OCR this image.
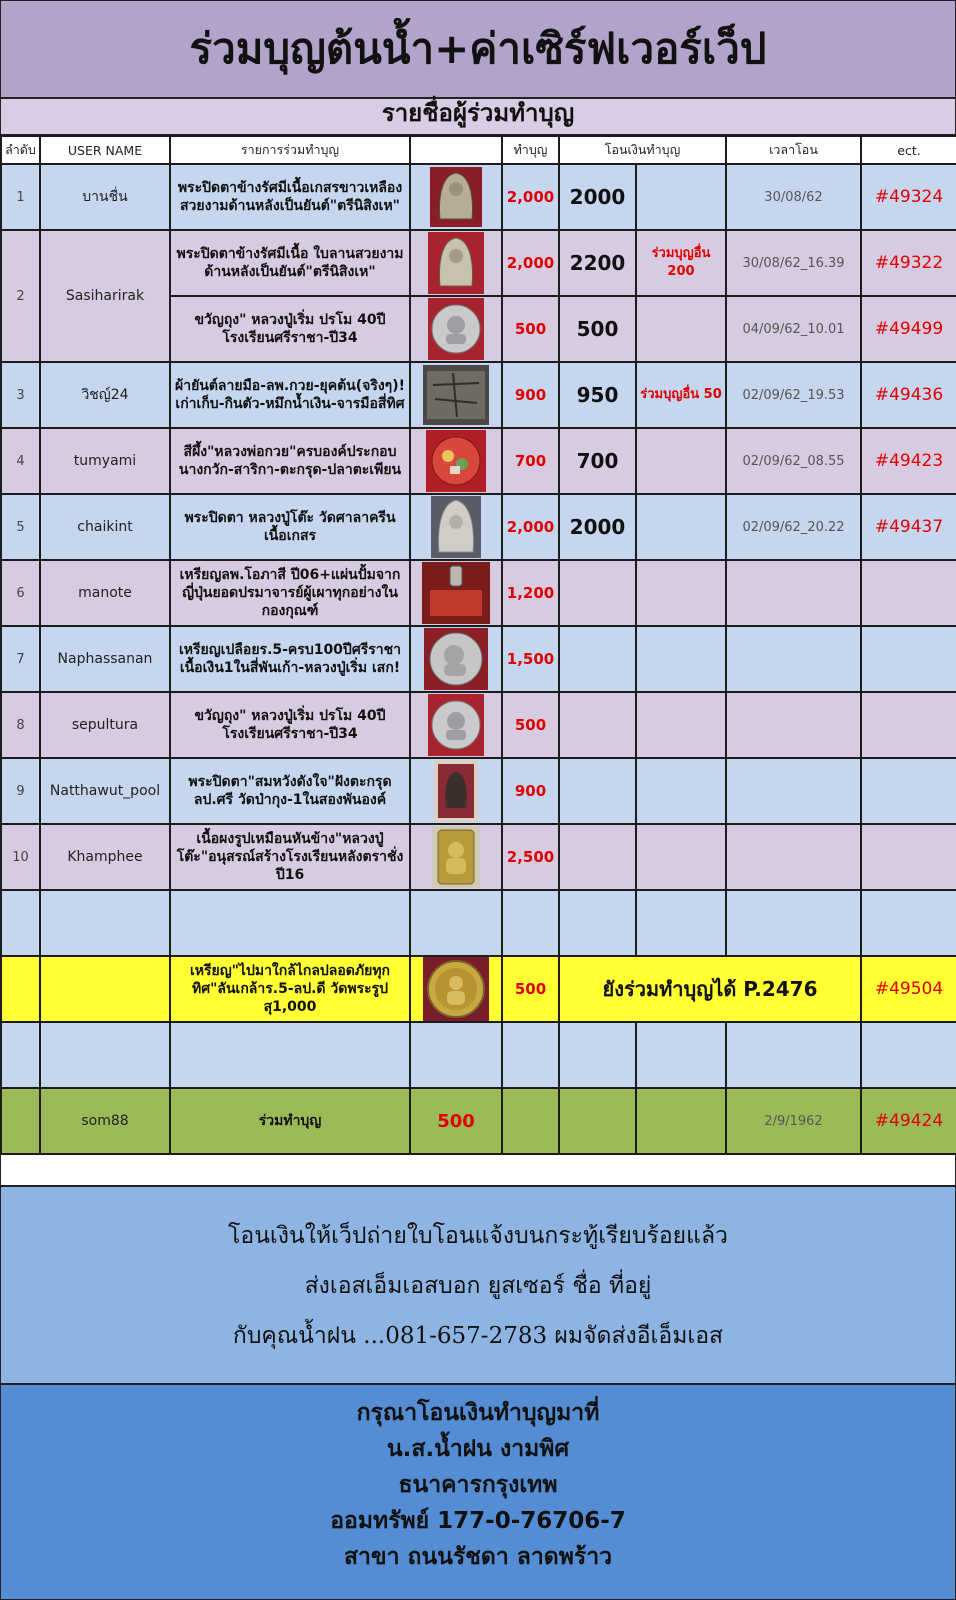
ร่วมบุญต้นน้ำ+ค่าเซิร์ฟเวอร์เว็ป
รายชื่อผู้ร่วมทำบุญ
ลำดับ	USER NAME	รายการร่วมทำบุญ		ทำบุญ	โอนเงินทำบุญ		เวลาโอน	ect.
1	บานชื่น	พระปิดตาข้างรัศมีเนื้อเกสรขาวเหลืองสวยงามด้านหลังเป็นยันต์"ตรีนิสิงเห"		2,000	2000		30/08/62	#49324
2	Sasiharirak	พระปิดตาข้างรัศมีเนื้อ ใบลานสวยงามด้านหลังเป็นยันต์"ตรีนิสิงเห"		2,000	2200	ร่วมบุญอื่น 200	30/08/62_16.39	#49322
		ขวัญถุง" หลวงปู่เริ่ม ปรโม 40ปีโรงเรียนศรีราชา-ปี34		500	500		04/09/62_10.01	#49499
3	วิชญ์24	ผ้ายันต์ลายมือ-ลพ.กวย-ยุคต้น(จริงๆ)!เก่าเก็บ-กินตัว-หมึกน้ำเงิน-จารมือสี่ทิศ		900	950	ร่วมบุญอื่น 50	02/09/62_19.53	#49436
4	tumyami	สีผึ้ง"หลวงพ่อกวย"ครบองค์ประกอบนางกวัก-สาริกา-ตะกรุด-ปลาตะเพียน		700	700		02/09/62_08.55	#49423
5	chaikint	พระปิดตา หลวงปู่โต๊ะ วัดศาลาครีน เนื้อเกสร		2,000	2000		02/09/62_20.22	#49437
6	manote	เหรียญลพ.โอภาสี ปี06+แผ่นปั้มจากญี่ปุ่นยอดปรมาจารย์ผู้เผาทุกอย่างในกองกุณฑ์		1,200				
7	Naphassanan	เหรียญเปลือยร.5-ครบ100ปีศรีราชาเนื้อเงิน1ในสี่พันเก้า-หลวงปู่เริ่ม เสก!		1,500				
8	sepultura	ขวัญถุง" หลวงปู่เริ่ม ปรโม 40ปีโรงเรียนศรีราชา-ปี34		500				
9	Natthawut_pool	พระปิดตา"สมหวังดังใจ"ฝังตะกรุด ลป.ศรี วัดป่ากุง-1ในสองพันองค์		900				
10	Khamphee	เนื้อผงรูปเหมือนหันข้าง"หลวงปู่โต๊ะ"อนุสรณ์สร้างโรงเรียนหลังตราชั่งปี16		2,500				

		เหรียญ"ไปมาใกล้ไกลปลอดภัยทุกทิศ"ลันเกล้าร.5-ลป.ดี วัดพระรูป สุ1,000		500	ยังร่วมทำบุญได้ P.2476			#49504

	som88	ร่วมทำบุญ	500				2/9/1962	#49424
โอนเงินให้เว็ปถ่ายใบโอนแจ้งบนกระทู้เรียบร้อยแล้ว
ส่งเอสเอ็มเอสบอก ยูสเซอร์ ชื่อ ที่อยู่
กับคุณน้ำฝน ...081-657-2783 ผมจัดส่งอีเอ็มเอส
กรุณาโอนเงินทำบุญมาที่
น.ส.น้ำฝน งามพิศ
ธนาคารกรุงเทพ
ออมทรัพย์ 177-0-76706-7
สาขา ถนนรัชดา ลาดพร้าว
